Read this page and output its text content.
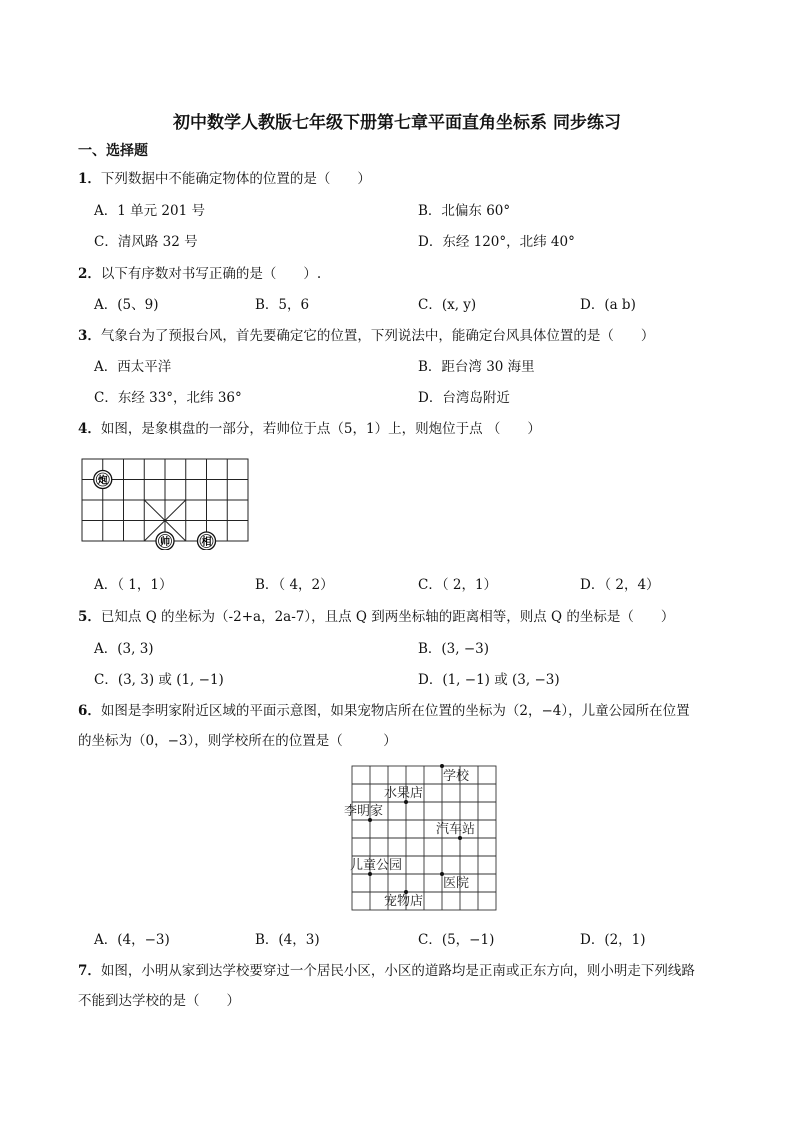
初中数学人教版七年级下册第七章平面直角坐标系 同步练习
一、选择题
1．下列数据中不能确定物体的位置的是（　　）
A．1 单元 201 号	B．北偏东 60°
C．清风路 32 号	D．东经 120°，北纬 40°
2．以下有序数对书写正确的是（　　）.
A．(5、9)	B．5，6	C．(x, y)	D．(a b)
3．气象台为了预报台风，首先要确定它的位置，下列说法中，能确定台风具体位置的是（　　）
A．西太平洋	B．距台湾 30 海里
C．东经 33°，北纬 36°	D．台湾岛附近
4．如图，是象棋盘的一部分，若帅位于点（5，1）上，则炮位于点 （　　）
炮
帅	相
A．（ 1，1）	B．（ 4，2）	C．（ 2，1）	D．（ 2，4）
5．已知点 Q 的坐标为（-2+a，2a-7），且点 Q 到两坐标轴的距离相等，则点 Q 的坐标是（　　）
A．(3, 3)	B．(3, −3)
C．(3, 3) 或 (1, −1)	D．(1, −1) 或 (3, −3)
6．如图是李明家附近区域的平面示意图，如果宠物店所在位置的坐标为（2，−4），儿童公园所在位置
的坐标为（0，−3），则学校所在的位置是（　　　）
学校
水果店
李明家
汽车站
儿童公园
医院
宠物店
A．(4，−3)	B．(4，3)	C．(5，−1)	D．(2，1)
7．如图，小明从家到达学校要穿过一个居民小区，小区的道路均是正南或正东方向，则小明走下列线路
不能到达学校的是（　　）
